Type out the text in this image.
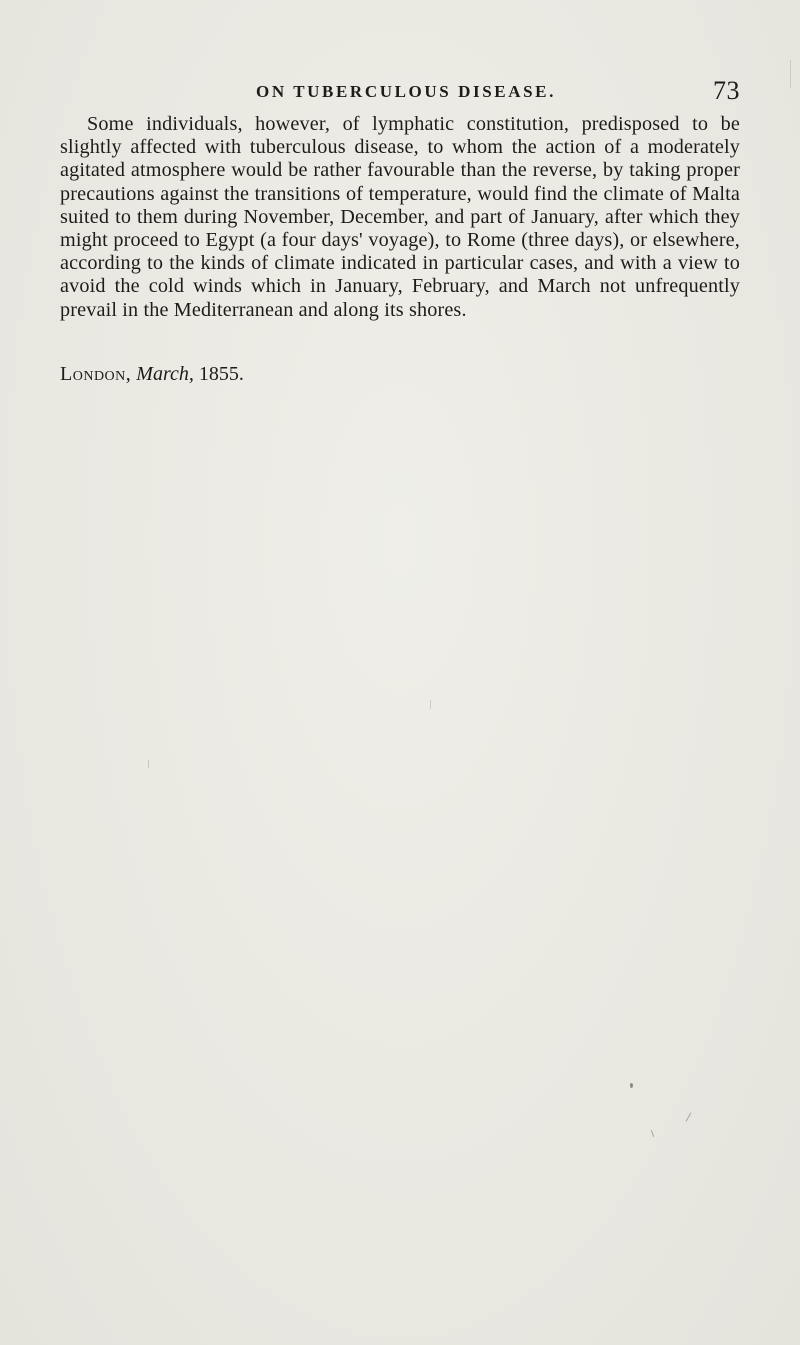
ON TUBERCULOUS DISEASE.	73

Some individuals, however, of lymphatic constitution, predisposed to be slightly affected with tuberculous disease, to whom the action of a moderately agitated atmosphere would be rather favourable than the reverse, by taking proper precautions against the transitions of temperature, would find the climate of Malta suited to them during November, December, and part of January, after which they might proceed to Egypt (a four days' voyage), to Rome (three days), or elsewhere, according to the kinds of climate indicated in particular cases, and with a view to avoid the cold winds which in January, February, and March not unfrequently prevail in the Mediterranean and along its shores.

London, March, 1855.
